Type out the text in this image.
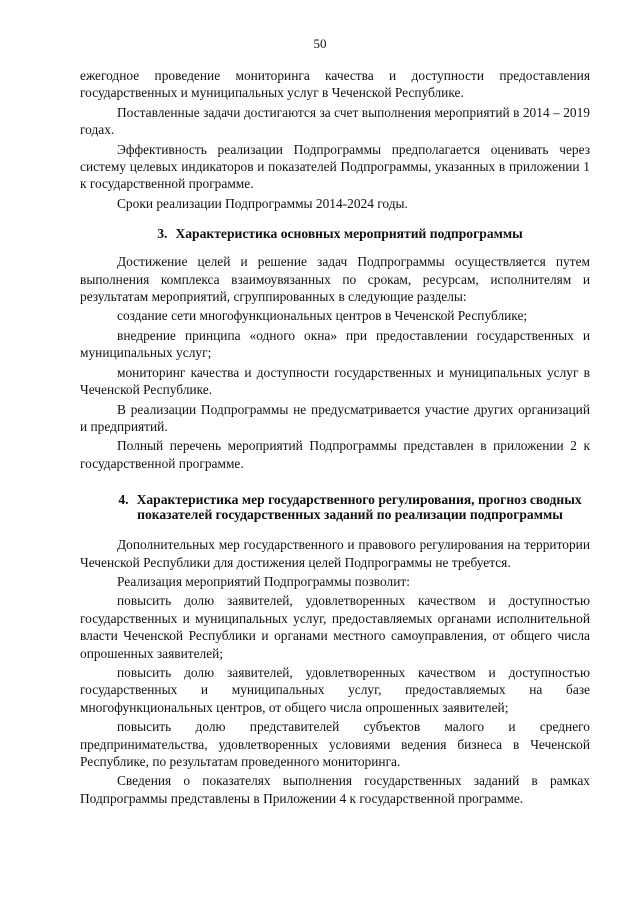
50

ежегодное проведение мониторинга качества и доступности предоставления государственных и муниципальных услуг в Чеченской Республике.

Поставленные задачи достигаются за счет выполнения мероприятий в 2014 – 2019 годах.

Эффективность реализации Подпрограммы предполагается оценивать через систему целевых индикаторов и показателей Подпрограммы, указанных в приложении 1 к государственной программе.

Сроки реализации Подпрограммы 2014-2024 годы.

3. Характеристика основных мероприятий подпрограммы

Достижение целей и решение задач Подпрограммы осуществляется путем выполнения комплекса взаимоувязанных по срокам, ресурсам, исполнителям и результатам мероприятий, сгруппированных в следующие разделы:

создание сети многофункциональных центров в Чеченской Республике;

внедрение принципа «одного окна» при предоставлении государственных и муниципальных услуг;

мониторинг качества и доступности государственных и муниципальных услуг в Чеченской Республике.

В реализации Подпрограммы не предусматривается участие других организаций и предприятий.

Полный перечень мероприятий Подпрограммы представлен в приложении 2 к государственной программе.

4. Характеристика мер государственного регулирования, прогноз сводных показателей государственных заданий по реализации подпрограммы

Дополнительных мер государственного и правового регулирования на территории Чеченской Республики для достижения целей Подпрограммы не требуется.

Реализация мероприятий Подпрограммы позволит:

повысить долю заявителей, удовлетворенных качеством и доступностью государственных и муниципальных услуг, предоставляемых органами исполнительной власти Чеченской Республики и органами местного самоуправления, от общего числа опрошенных заявителей;

повысить долю заявителей, удовлетворенных качеством и доступностью государственных и муниципальных услуг, предоставляемых на базе многофункциональных центров, от общего числа опрошенных заявителей;

повысить долю представителей субъектов малого и среднего предпринимательства, удовлетворенных условиями ведения бизнеса в Чеченской Республике, по результатам проведенного мониторинга.

Сведения о показателях выполнения государственных заданий в рамках Подпрограммы представлены в Приложении 4 к государственной программе.
